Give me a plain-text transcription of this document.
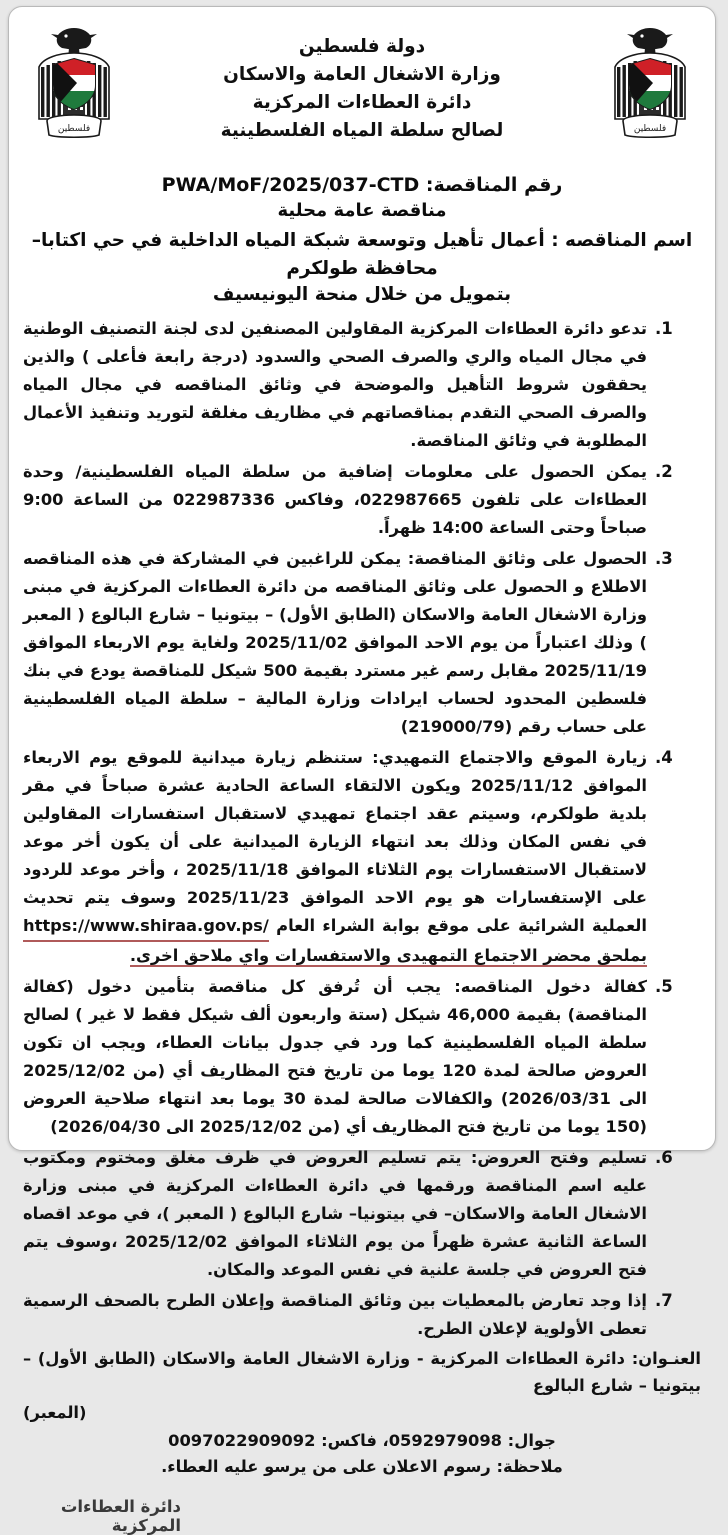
فلسطين	فلسطين
دولة فلسطين
وزارة الاشغال العامة والاسكان
دائرة العطاءات المركزية
لصالح سلطة المياه الفلسطينية
رقم المناقصة: PWA/MoF/2025/037-CTD
مناقصة عامة محلية
اسم المناقصه : أعمال تأهيل وتوسعة شبكة المياه الداخلية في حي اكتابا– محافظة طولكرم
بتمويل من خلال منحة اليونيسيف
.1
تدعو دائرة العطاءات المركزية المقاولين المصنفين لدى لجنة التصنيف الوطنية في مجال المياه والري والصرف الصحي والسدود (درجة رابعة فأعلى ) والذين يحققون شروط التأهيل والموضحة في وثائق المناقصه في مجال المياه والصرف الصحي التقدم بمناقصاتهم في مظاريف مغلقة لتوريد وتنفيذ الأعمال المطلوبة في وثائق المناقصة.
.2
يمكن الحصول على معلومات إضافية من سلطة المياه الفلسطينية/ وحدة العطاءات على تلفون 022987665، وفاكس 022987336 من الساعة 9:00 صباحاً وحتى الساعة 14:00 ظهراً.
.3
الحصول على وثائق المناقصة: يمكن للراغبين في المشاركة في هذه المناقصه الاطلاع و الحصول على وثائق المناقصه من دائرة العطاءات المركزية في مبنى وزارة الاشغال العامة والاسكان (الطابق الأول) – بيتونيا – شارع البالوع ( المعبر ) وذلك اعتباراً من يوم الاحد الموافق 2025/11/02 ولغاية يوم الاربعاء الموافق 2025/11/19 مقابل رسم غير مسترد بقيمة 500 شيكل للمناقصة يودع في بنك فلسطين المحدود لحساب ايرادات وزارة المالية – سلطة المياه الفلسطينية على حساب رقم (219000/79)
.4
زيارة الموقع والاجتماع التمهيدي: ستنظم زيارة ميدانية للموقع يوم الاربعاء الموافق 2025/11/12 ويكون الالتقاء الساعة الحادية عشرة صباحاً في مقر بلدية طولكرم، وسيتم عقد اجتماع تمهيدي لاستقبال استفسارات المقاولين في نفس المكان وذلك بعد انتهاء الزيارة الميدانية على أن يكون أخر موعد لاستقبال الاستفسارات يوم الثلاثاء الموافق 2025/11/18 ، وأخر موعد للردود على الإستفسارات هو يوم الاحد الموافق 2025/11/23 وسوف يتم تحديث العملية الشرائية على موقع بوابة الشراء العام https://www.shiraa.gov.ps/ بملحق محضر الاجتماع التمهيدى والاستفسارات واي ملاحق اخرى.
.5
كفالة دخول المناقصه: يجب أن تُرفق كل مناقصة بتأمين دخول (كفالة المناقصة) بقيمة 46,000 شيكل (ستة واربعون ألف شيكل فقط لا غير ) لصالح سلطة المياه الفلسطينية كما ورد في جدول بيانات العطاء، ويجب ان تكون العروض صالحة لمدة 120 يوما من تاريخ فتح المظاريف أي (من 2025/12/02 الى 2026/03/31) والكفالات صالحة لمدة 30 يوما بعد انتهاء صلاحية العروض (150 يوما من تاريخ فتح المظاريف أي (من 2025/12/02 الى 2026/04/30)
.6
تسليم وفتح العروض: يتم تسليم العروض في ظرف مغلق ومختوم ومكتوب عليه اسم المناقصة ورقمها في دائرة العطاءات المركزية في مبنى وزارة الاشغال العامة والاسكان– في بيتونيا– شارع البالوع ( المعبر )، في موعد اقصاه الساعة الثانية عشرة ظهراً من يوم الثلاثاء الموافق 2025/12/02 ،وسوف يتم فتح العروض في جلسة علنية في نفس الموعد والمكان.
.7
إذا وجد تعارض بالمعطيات بين وثائق المناقصة وإعلان الطرح بالصحف الرسمية تعطى الأولوية لإعلان الطرح.
العنـوان: دائرة العطاءات المركزية - وزارة الاشغال العامة والاسكان (الطابق الأول) – بيتونيا – شارع البالوع
(المعبر)
جوال: 0592979098، فاكس: 0097022909092
ملاحظة: رسوم الاعلان على من يرسو عليه العطاء.
دائرة العطاءات المركزية
